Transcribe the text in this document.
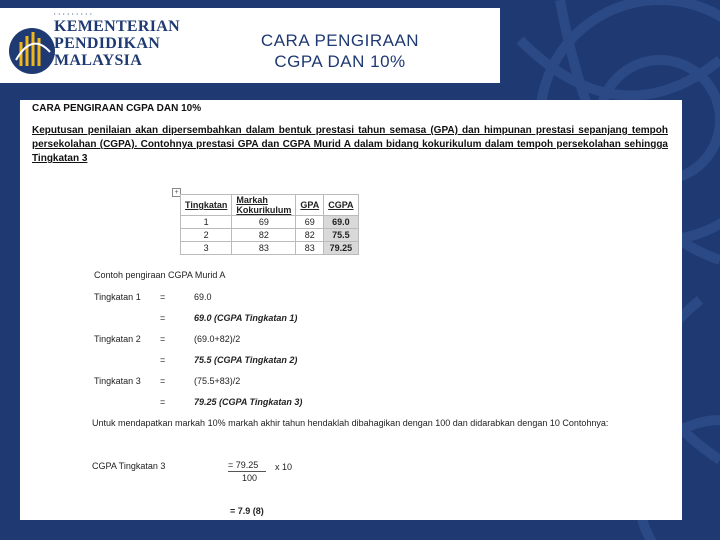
• • • • • • • • •
KEMENTERIAN
PENDIDIKAN
MALAYSIA
CARA PENGIRAAN
CGPA DAN 10%
CARA PENGIRAAN CGPA DAN 10%
Keputusan penilaian akan dipersembahkan dalam bentuk prestasi tahun semasa (GPA) dan himpunan prestasi sepanjang tempoh persekolahan (CGPA). Contohnya prestasi GPA dan CGPA Murid A dalam bidang kokurikulum dalam tempoh persekolahan sehingga Tingkatan 3
+
Tingkatan	Markah Kokurikulum	GPA	CGPA
1	69	69	69.0
2	82	82	75.5
3	83	83	79.25
Contoh pengiraan CGPA Murid A
Tingkatan 1 =	69.0
=	69.0 (CGPA Tingkatan 1)
Tingkatan 2 =	(69.0+82)/2
=	75.5 (CGPA Tingkatan 2)
Tingkatan 3 =	(75.5+83)/2
=	79.25 (CGPA Tingkatan 3)
Untuk mendapatkan markah 10% markah akhir tahun hendaklah dibahagikan dengan 100 dan didarabkan dengan 10 Contohnya:
CGPA Tingkatan 3	= 79.25 x 10
100
= 7.9 (8)
